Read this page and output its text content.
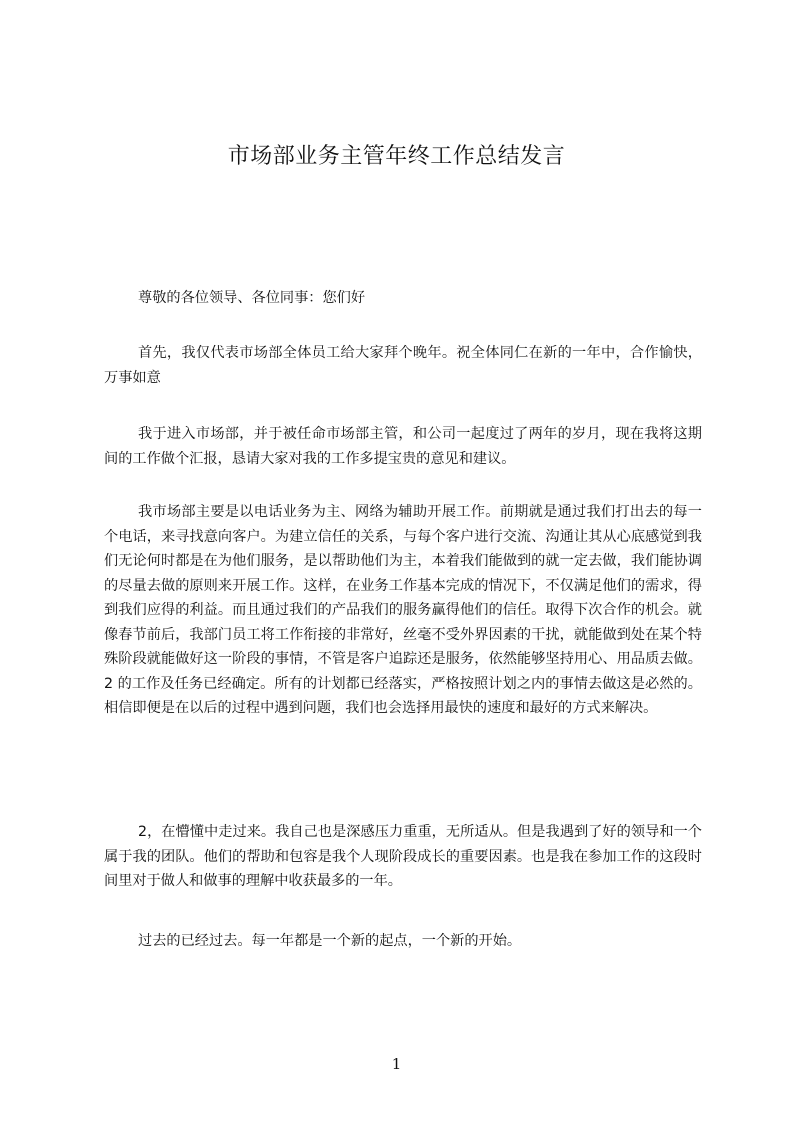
市场部业务主管年终工作总结发言

尊敬的各位领导、各位同事：您们好

首先，我仅代表市场部全体员工给大家拜个晚年。祝全体同仁在新的一年中，合作愉快，万事如意

我于进入市场部，并于被任命市场部主管，和公司一起度过了两年的岁月，现在我将这期间的工作做个汇报，恳请大家对我的工作多提宝贵的意见和建议。

我市场部主要是以电话业务为主、网络为辅助开展工作。前期就是通过我们打出去的每一个电话，来寻找意向客户。为建立信任的关系，与每个客户进行交流、沟通让其从心底感觉到我们无论何时都是在为他们服务，是以帮助他们为主，本着我们能做到的就一定去做，我们能协调的尽量去做的原则来开展工作。这样，在业务工作基本完成的情况下，不仅满足他们的需求，得到我们应得的利益。而且通过我们的产品我们的服务赢得他们的信任。取得下次合作的机会。就像春节前后，我部门员工将工作衔接的非常好，丝毫不受外界因素的干扰，就能做到处在某个特殊阶段就能做好这一阶段的事情，不管是客户追踪还是服务，依然能够坚持用心、用品质去做。2 的工作及任务已经确定。所有的计划都已经落实，严格按照计划之内的事情去做这是必然的。相信即便是在以后的过程中遇到问题，我们也会选择用最快的速度和最好的方式来解决。

2，在懵懂中走过来。我自己也是深感压力重重，无所适从。但是我遇到了好的领导和一个属于我的团队。他们的帮助和包容是我个人现阶段成长的重要因素。也是我在参加工作的这段时间里对于做人和做事的理解中收获最多的一年。

过去的已经过去。每一年都是一个新的起点，一个新的开始。

1
